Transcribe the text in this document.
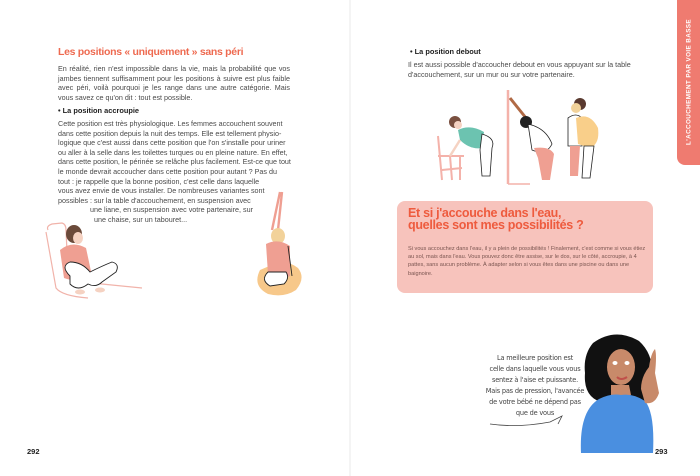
Les positions « uniquement » sans péri
En réalité, rien n'est impossible dans la vie, mais la probabilité que vos jambes tiennent suffisamment pour les positions à suivre est plus faible avec péri, voilà pourquoi je les range dans une autre catégorie. Mais vous savez ce qu'on dit : tout est possible.
• La position accroupie
Cette position est très physiologique. Les femmes accouchent souvent
dans cette position depuis la nuit des temps. Elle est tellement physio-
logique que c'est aussi dans cette position que l'on s'installe pour uriner
ou aller à la selle dans les toilettes turques ou en pleine nature. En effet,
dans cette position, le périnée se relâche plus facilement. Est-ce que tout
le monde devrait accoucher dans cette position pour autant ? Pas du
tout : je rappelle que la bonne position, c'est celle dans laquelle
vous avez envie de vous installer. De nombreuses variantes sont
possibles : sur la table d'accouchement, en suspension avec
une liane, en suspension avec votre partenaire, sur
une chaise, sur un tabouret...
292
• La position debout
Il est aussi possible d'accoucher debout en vous appuyant sur la table d'accouchement, sur un mur ou sur votre partenaire.
Et si j'accouche dans l'eau,
quelles sont mes possibilités ?
Si vous accouchez dans l'eau, il y a plein de possibilités ! Finalement, c'est comme si vous étiez au sol, mais dans l'eau. Vous pouvez donc être assise, sur le dos, sur le côté, accroupie, à 4 pattes, sans aucun problème. À adapter selon si vous êtes dans une piscine ou dans une baignoire.
La meilleure position est
celle dans laquelle vous vous
sentez à l'aise et puissante.
Mais pas de pression, l'avancée
de votre bébé ne dépend pas
que de vous
293
L'ACCOUCHEMENT PAR VOIE BASSE
